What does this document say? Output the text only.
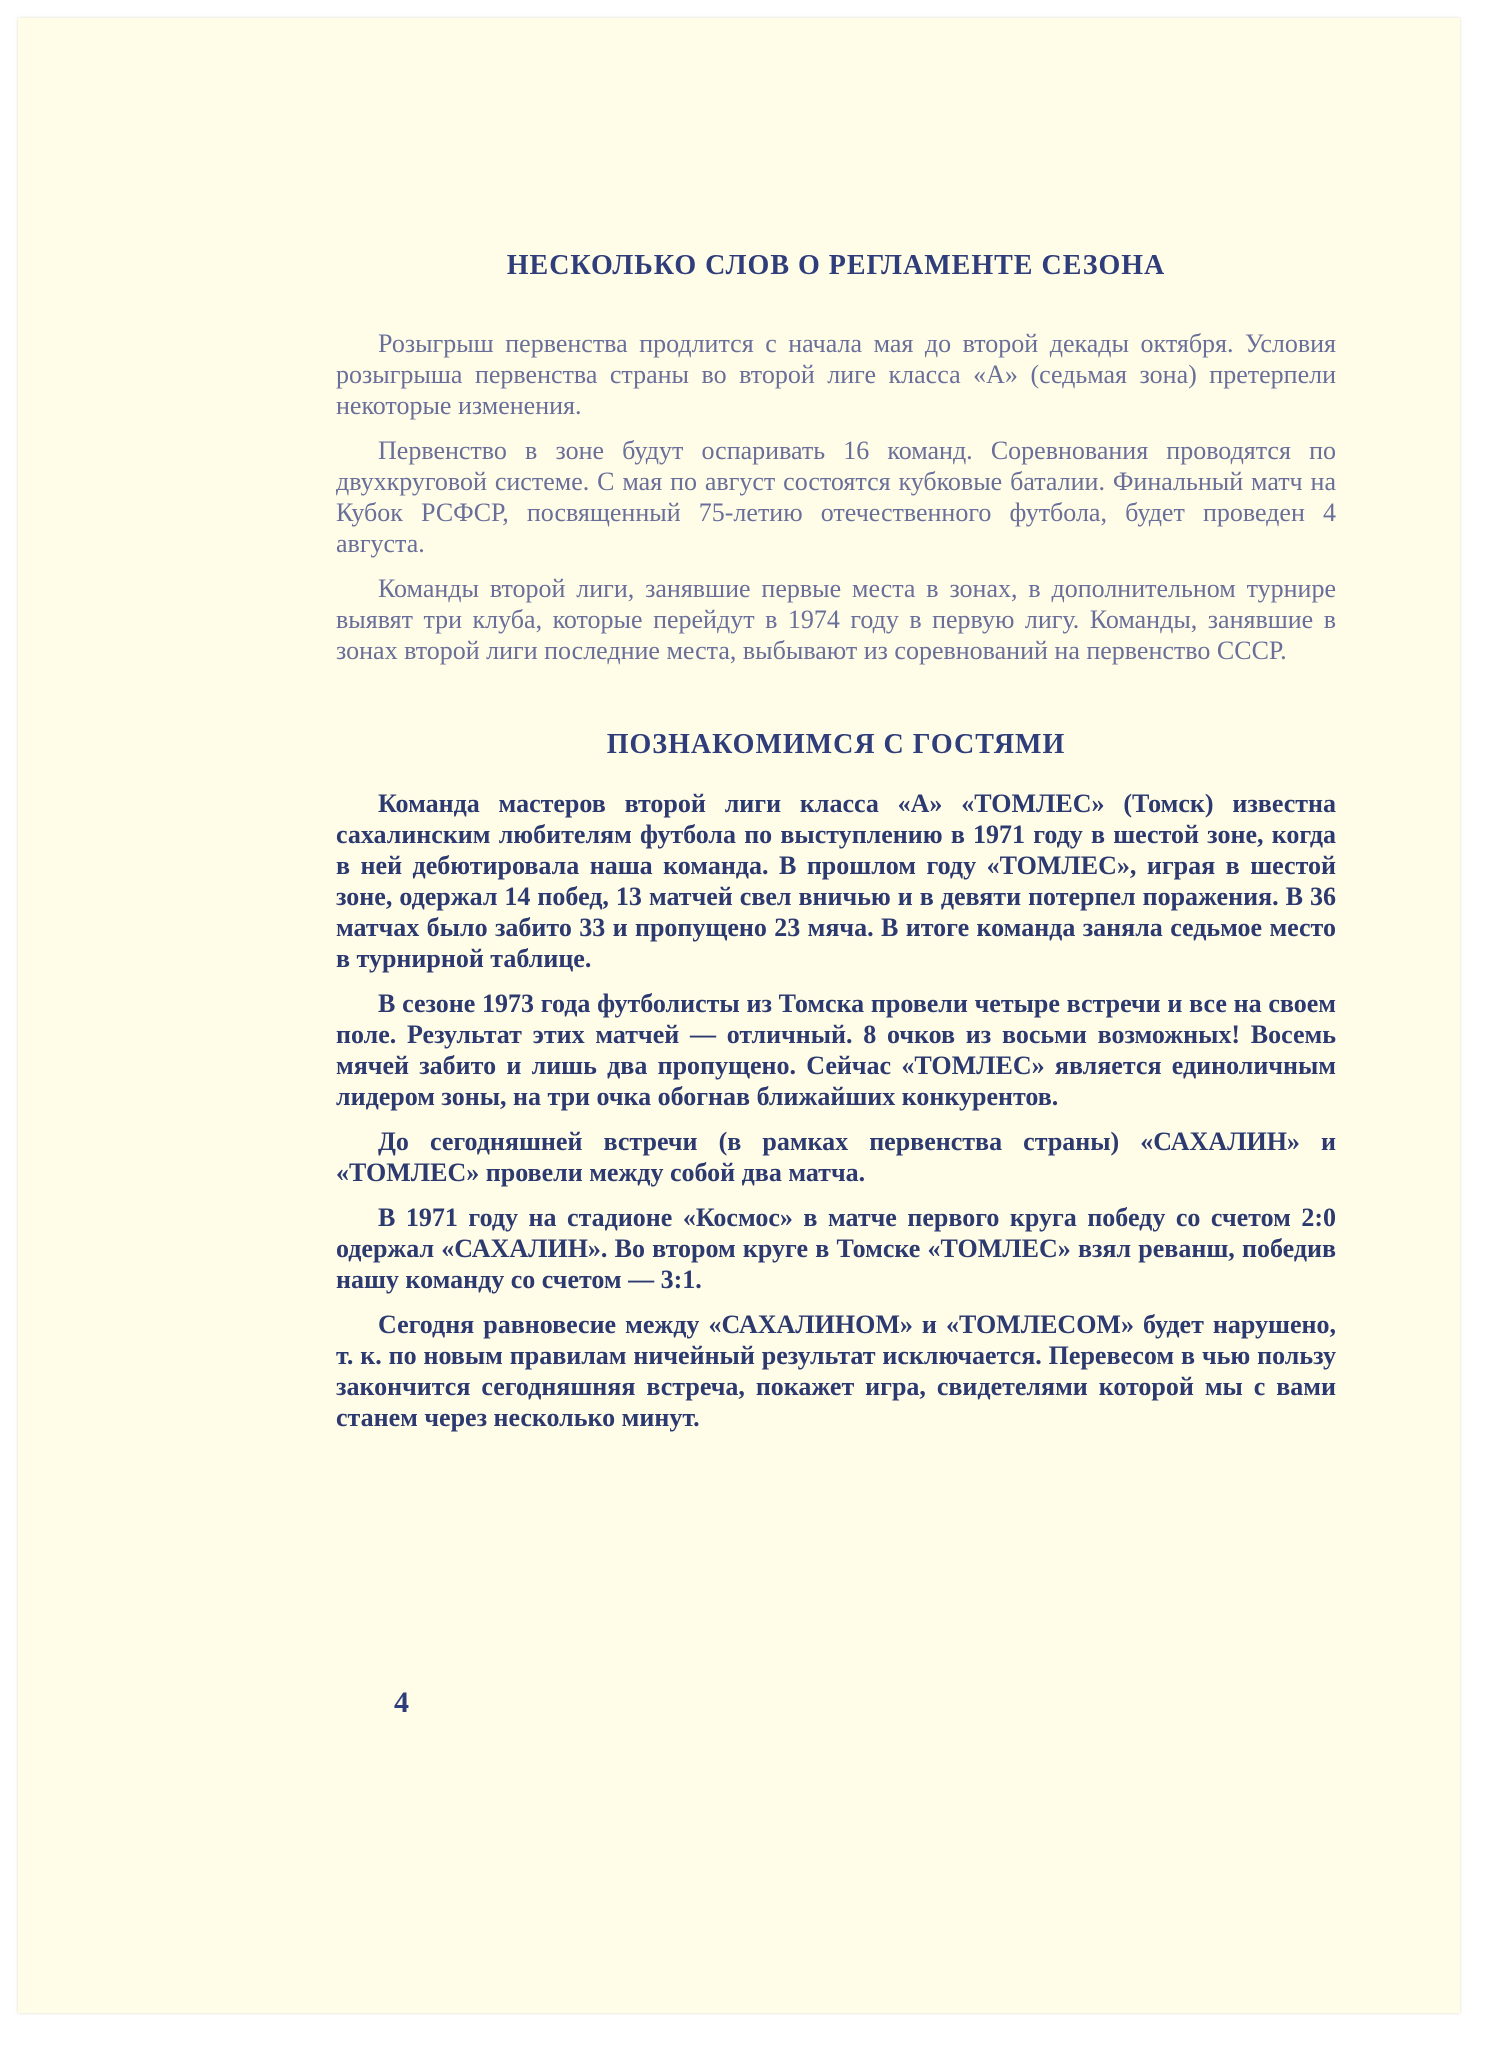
НЕСКОЛЬКО СЛОВ О РЕГЛАМЕНТЕ СЕЗОНА

Розыгрыш первенства продлится с начала мая до второй декады октября. Условия розыгрыша первенства страны во второй лиге класса «А» (седьмая зона) претерпели некоторые изменения.

Первенство в зоне будут оспаривать 16 команд. Соревнования проводятся по двухкруговой системе. С мая по август состоятся кубковые баталии. Финальный матч на Кубок РСФСР, посвященный 75-летию отечественного футбола, будет проведен 4 августа.

Команды второй лиги, занявшие первые места в зонах, в дополнительном турнире выявят три клуба, которые перейдут в 1974 году в первую лигу. Команды, занявшие в зонах второй лиги последние места, выбывают из соревнований на первенство СССР.

ПОЗНАКОМИМСЯ С ГОСТЯМИ

Команда мастеров второй лиги класса «А» «ТОМЛЕС» (Томск) известна сахалинским любителям футбола по выступлению в 1971 году в шестой зоне, когда в ней дебютировала наша команда. В прошлом году «ТОМЛЕС», играя в шестой зоне, одержал 14 побед, 13 матчей свел вничью и в девяти потерпел поражения. В 36 матчах было забито 33 и пропущено 23 мяча. В итоге команда заняла седьмое место в турнирной таблице.

В сезоне 1973 года футболисты из Томска провели четыре встречи и все на своем поле. Результат этих матчей — отличный. 8 очков из восьми возможных! Восемь мячей забито и лишь два пропущено. Сейчас «ТОМЛЕС» является единоличным лидером зоны, на три очка обогнав ближайших конкурентов.

До сегодняшней встречи (в рамках первенства страны) «САХАЛИН» и «ТОМЛЕС» провели между собой два матча.

В 1971 году на стадионе «Космос» в матче первого круга победу со счетом 2:0 одержал «САХАЛИН». Во втором круге в Томске «ТОМЛЕС» взял реванш, победив нашу команду со счетом — 3:1.

Сегодня равновесие между «САХАЛИНОМ» и «ТОМЛЕСОМ» будет нарушено, т. к. по новым правилам ничейный результат исключается. Перевесом в чью пользу закончится сегодняшняя встреча, покажет игра, свидетелями которой мы с вами станем через несколько минут.

4
